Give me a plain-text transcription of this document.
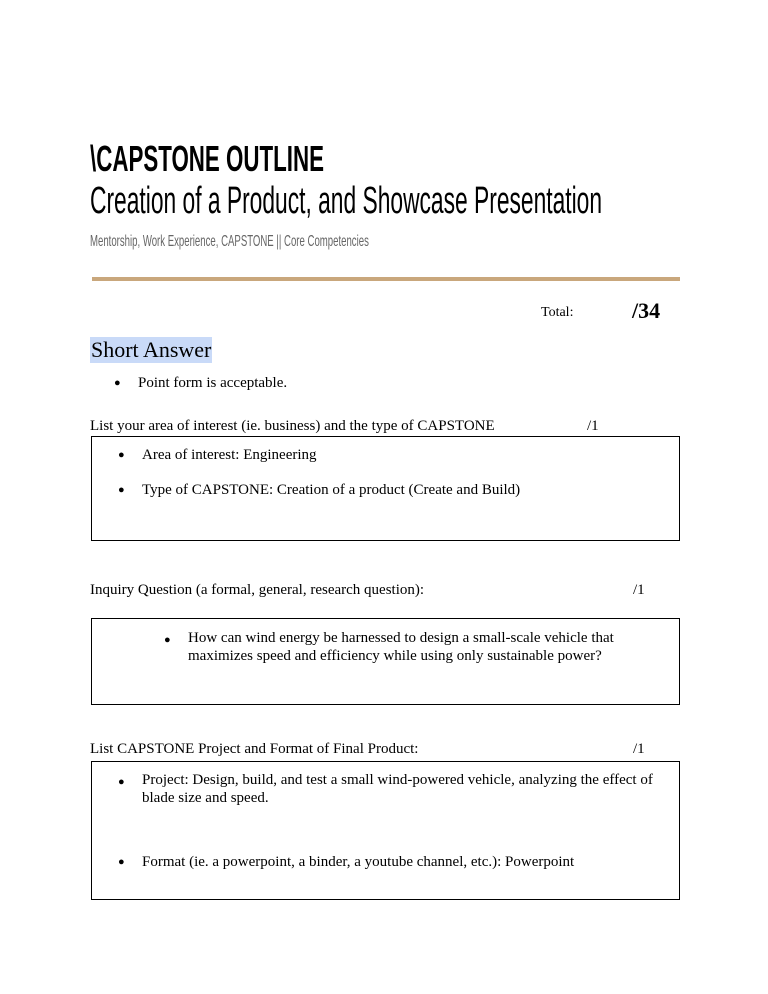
\CAPSTONE OUTLINE
Creation of a Product, and Showcase Presentation
Mentorship, Work Experience, CAPSTONE || Core Competencies
Total:	/34
Short Answer
● Point form is acceptable.
List your area of interest (ie. business) and the type of CAPSTONE	/1
● Area of interest: Engineering
● Type of CAPSTONE: Creation of a product (Create and Build)
Inquiry Question (a formal, general, research question):	/1
● How can wind energy be harnessed to design a small-scale vehicle that maximizes speed and efficiency while using only sustainable power?
List CAPSTONE Project and Format of Final Product:	/1
● Project: Design, build, and test a small wind-powered vehicle, analyzing the effect of blade size and speed.
● Format (ie. a powerpoint, a binder, a youtube channel, etc.): Powerpoint
